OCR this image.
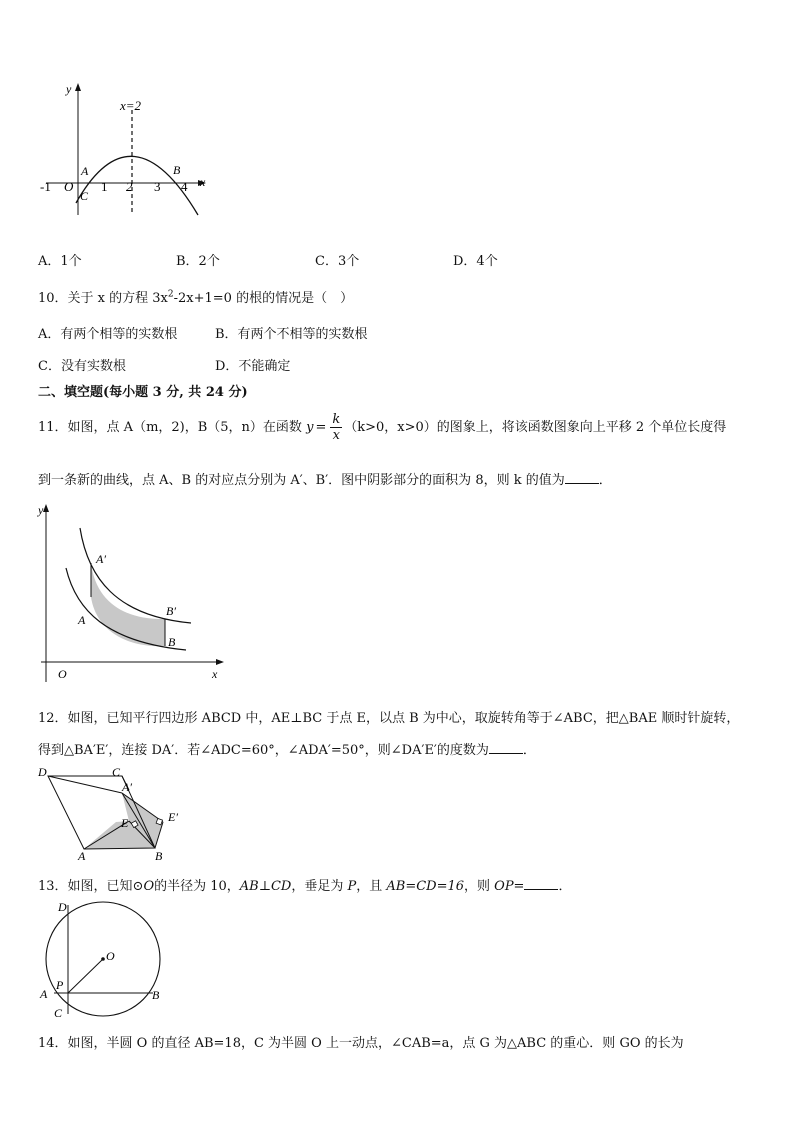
y
x
x=2
-1 O 1 2 3 4
A	B
C
A．1个	B．2个	C．3个	D．4个
10．关于 x 的方程 $3x^2-2x+1=0$ 的根的情况是（　）
A．有两个相等的实数根	B．有两个不相等的实数根
C．没有实数根	D．不能确定
二、填空题(每小题 3 分, 共 24 分)
11．如图，点 A（m，2)，B（5，n）在函数 $y = \frac{k}{x} (k>0$，x>0）的图象上，将该函数图象向上平移 2 个单位长度得
到一条新的曲线，点 A、B 的对应点分别为 A′、B′．图中阴影部分的面积为 8，则 k 的值为	．
y
x
O
A′
A
B′
B
12．如图，已知平行四边形 ABCD 中，AE⊥BC 于点 E，以点 B 为中心，取旋转角等于∠ABC，把△BAE 顺时针旋转，
得到△BA′E′，连接 DA′．若∠ADC=60°，∠ADA′=50°，则∠DA′E′的度数为	．
D	C
A′
E′
E
A	B
13．如图，已知⊙O的半径为 10，AB⊥CD，垂足为 P，且 AB=CD=16，则 OP=	．
D
O
P
A	B
C
14．如图，半圆 O 的直径 AB=18，C 为半圆 O 上一动点，∠CAB=a，点 G 为△ABC 的重心．则 GO 的长为
